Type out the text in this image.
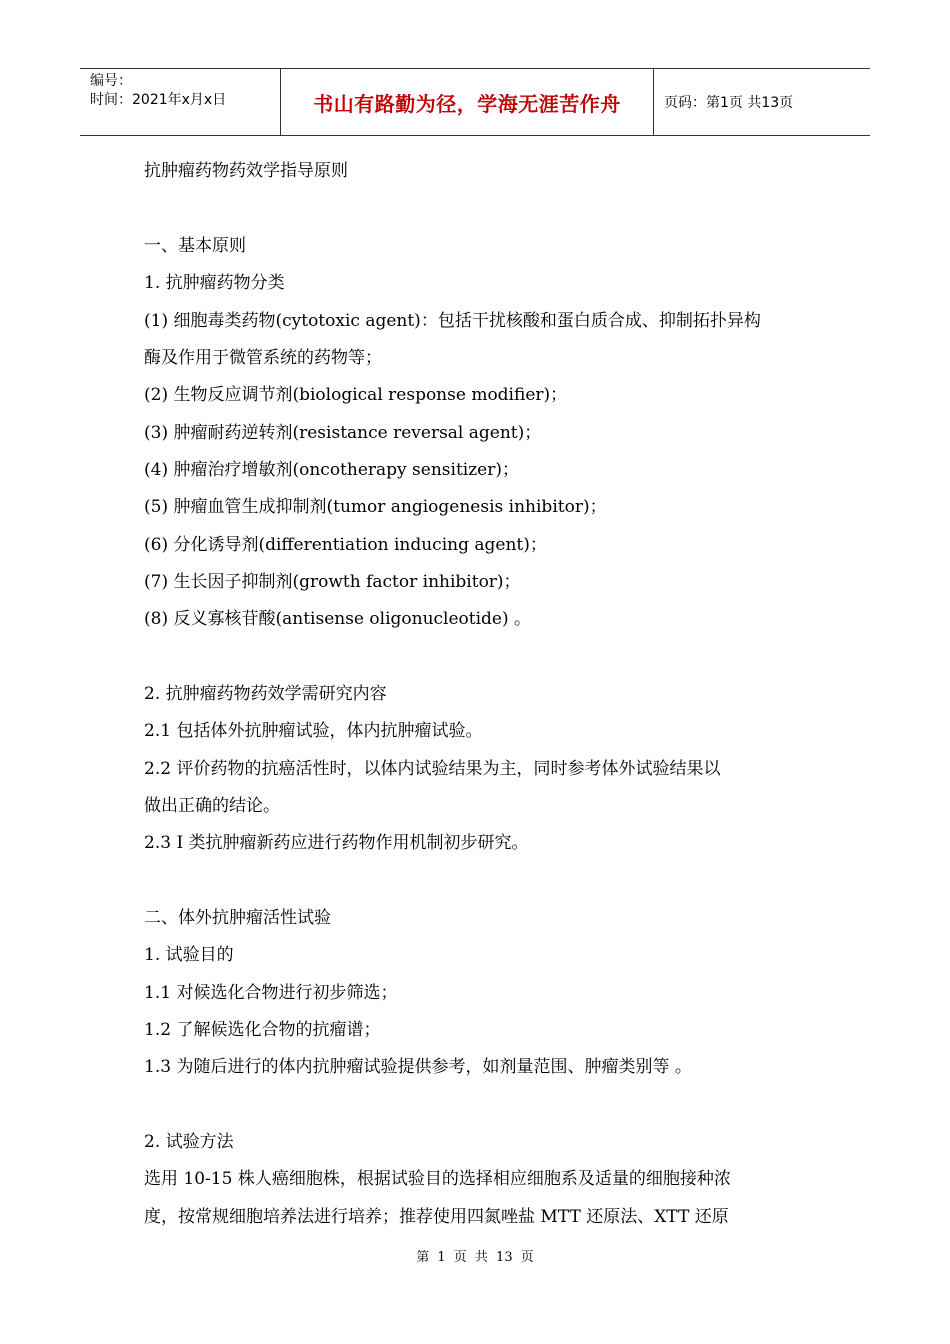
编号：
时间：2021年x月x日	书山有路勤为径，学海无涯苦作舟	页码：第1页 共13页
抗肿瘤药物药效学指导原则
一、基本原则
1. 抗肿瘤药物分类
(1) 细胞毒类药物(cytotoxic agent)：包括干扰核酸和蛋白质合成、抑制拓扑异构
酶及作用于微管系统的药物等；
(2) 生物反应调节剂(biological response modifier)；
(3) 肿瘤耐药逆转剂(resistance reversal agent)；
(4) 肿瘤治疗增敏剂(oncotherapy sensitizer)；
(5) 肿瘤血管生成抑制剂(tumor angiogenesis inhibitor)；
(6) 分化诱导剂(differentiation inducing agent)；
(7) 生长因子抑制剂(growth factor inhibitor)；
(8) 反义寡核苷酸(antisense oligonucleotide) 。
2. 抗肿瘤药物药效学需研究内容
2.1 包括体外抗肿瘤试验，体内抗肿瘤试验。
2.2 评价药物的抗癌活性时，以体内试验结果为主，同时参考体外试验结果以
做出正确的结论。
2.3 I 类抗肿瘤新药应进行药物作用机制初步研究。
二、体外抗肿瘤活性试验
1. 试验目的
1.1 对候选化合物进行初步筛选；
1.2 了解候选化合物的抗瘤谱；
1.3 为随后进行的体内抗肿瘤试验提供参考，如剂量范围、肿瘤类别等 。
2. 试验方法
选用 10-15 株人癌细胞株，根据试验目的选择相应细胞系及适量的细胞接种浓
度，按常规细胞培养法进行培养；推荐使用四氮唑盐 MTT 还原法、XTT 还原
第 1 页 共 13 页
